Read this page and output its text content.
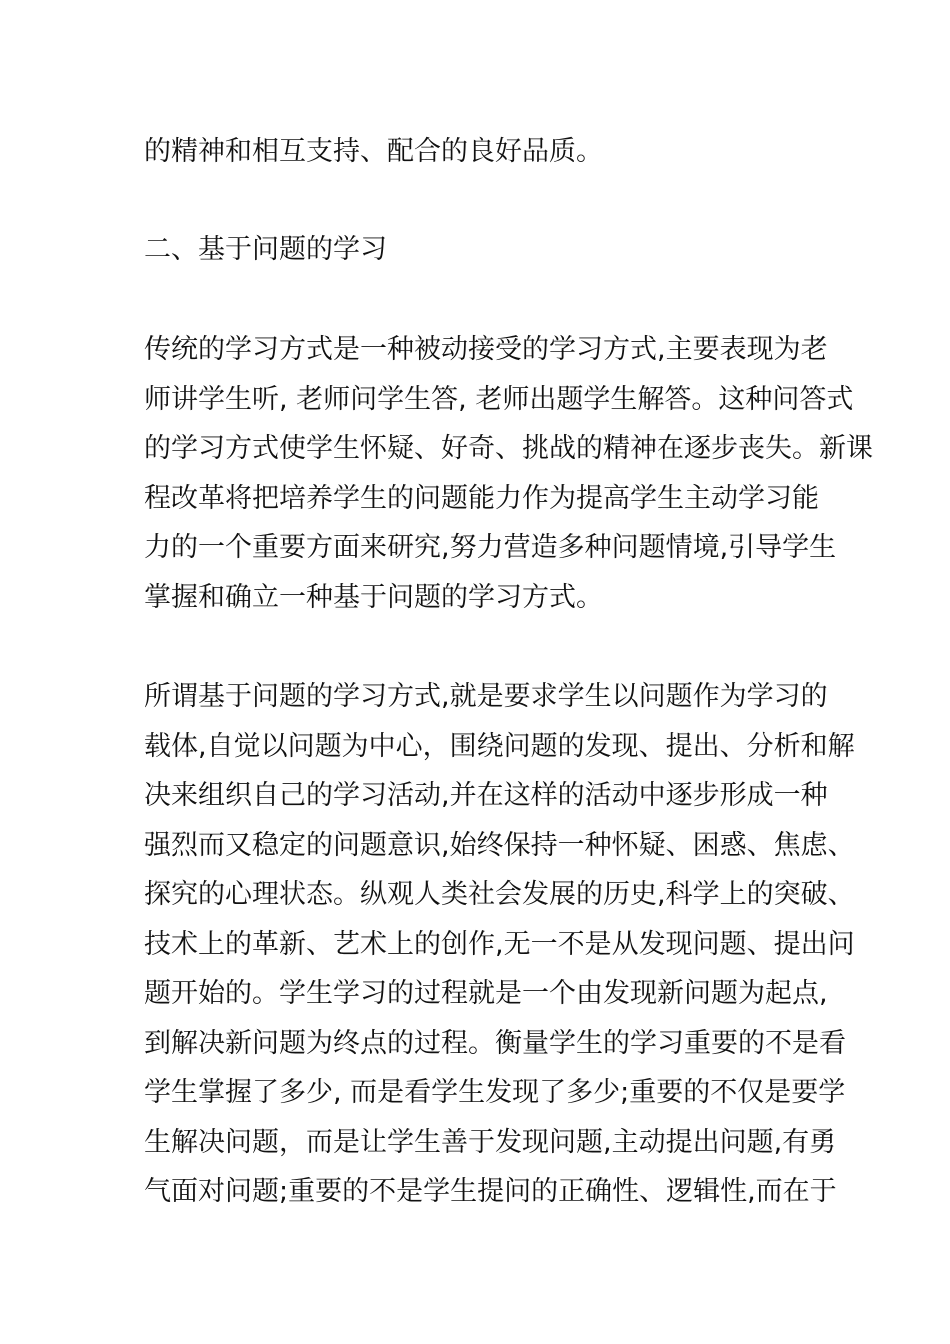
的精神和相互支持、配合的良好品质。
二、基于问题的学习
传统的学习方式是一种被动接受的学习方式,主要表现为老
师讲学生听, 老师问学生答, 老师出题学生解答。这种问答式
的学习方式使学生怀疑、好奇、挑战的精神在逐步丧失。新课
程改革将把培养学生的问题能力作为提高学生主动学习能
力的一个重要方面来研究,努力营造多种问题情境,引导学生
掌握和确立一种基于问题的学习方式。
所谓基于问题的学习方式,就是要求学生以问题作为学习的
载体,自觉以问题为中心，围绕问题的发现、提出、分析和解
决来组织自己的学习活动,并在这样的活动中逐步形成一种
强烈而又稳定的问题意识,始终保持一种怀疑、困惑、焦虑、
探究的心理状态。纵观人类社会发展的历史,科学上的突破、
技术上的革新、艺术上的创作,无一不是从发现问题、提出问
题开始的。学生学习的过程就是一个由发现新问题为起点,
到解决新问题为终点的过程。衡量学生的学习重要的不是看
学生掌握了多少, 而是看学生发现了多少;重要的不仅是要学
生解决问题，而是让学生善于发现问题,主动提出问题,有勇
气面对问题;重要的不是学生提问的正确性、逻辑性,而在于
